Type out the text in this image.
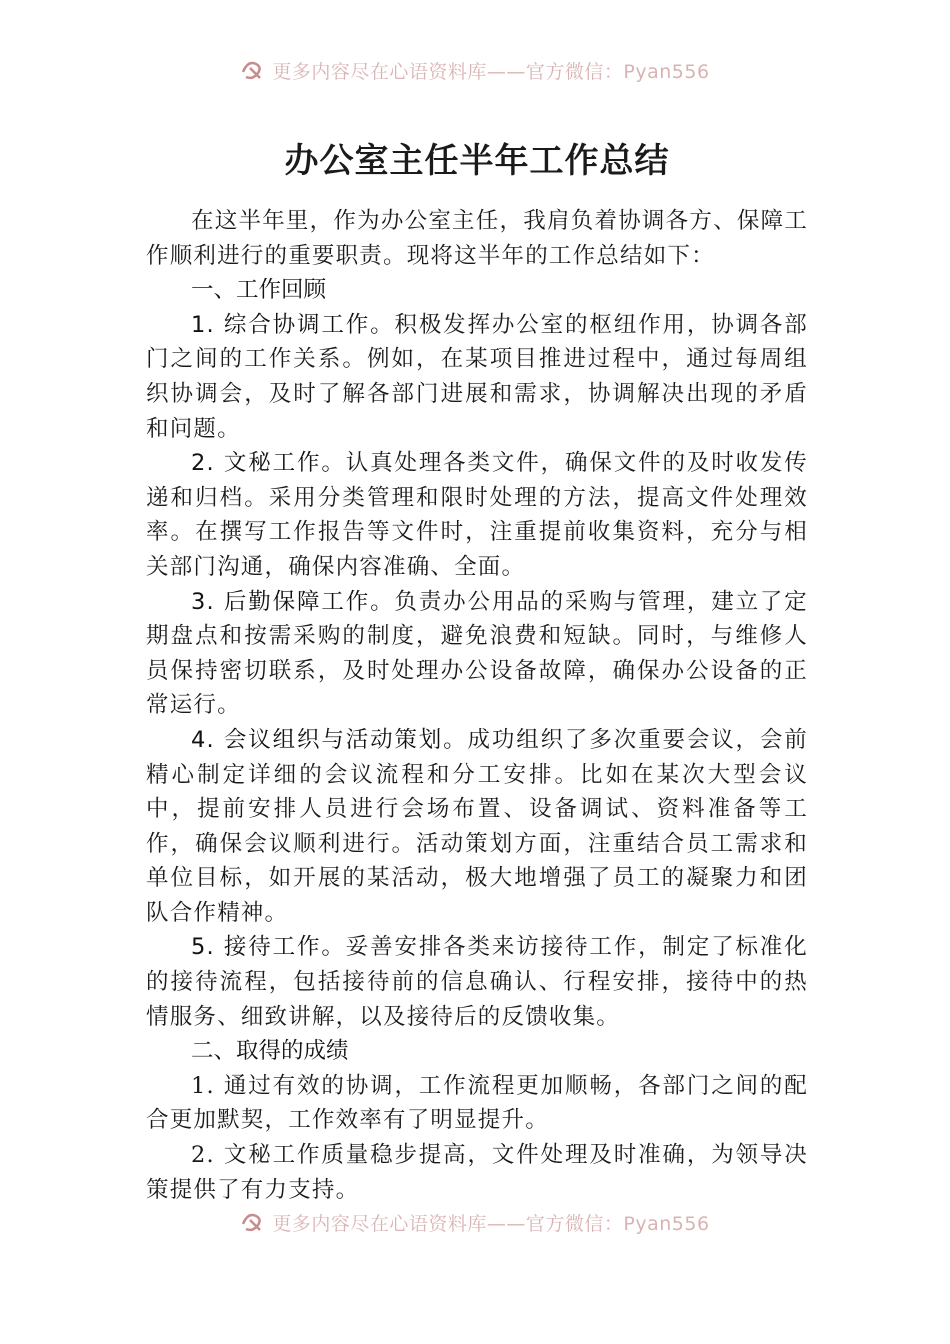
更多内容尽在心语资料库——官方微信：Pyan556
办公室主任半年工作总结

在这半年里，作为办公室主任，我肩负着协调各方、保障工作顺利进行的重要职责。现将这半年的工作总结如下：

一、工作回顾

1. 综合协调工作。积极发挥办公室的枢纽作用，协调各部门之间的工作关系。例如，在某项目推进过程中，通过每周组织协调会，及时了解各部门进展和需求，协调解决出现的矛盾和问题。

2. 文秘工作。认真处理各类文件，确保文件的及时收发传递和归档。采用分类管理和限时处理的方法，提高文件处理效率。在撰写工作报告等文件时，注重提前收集资料，充分与相关部门沟通，确保内容准确、全面。

3. 后勤保障工作。负责办公用品的采购与管理，建立了定期盘点和按需采购的制度，避免浪费和短缺。同时，与维修人员保持密切联系，及时处理办公设备故障，确保办公设备的正常运行。

4. 会议组织与活动策划。成功组织了多次重要会议，会前精心制定详细的会议流程和分工安排。比如在某次大型会议中，提前安排人员进行会场布置、设备调试、资料准备等工作，确保会议顺利进行。活动策划方面，注重结合员工需求和单位目标，如开展的某活动，极大地增强了员工的凝聚力和团队合作精神。

5. 接待工作。妥善安排各类来访接待工作，制定了标准化的接待流程，包括接待前的信息确认、行程安排，接待中的热情服务、细致讲解，以及接待后的反馈收集。

二、取得的成绩

1. 通过有效的协调，工作流程更加顺畅，各部门之间的配合更加默契，工作效率有了明显提升。

2. 文秘工作质量稳步提高，文件处理及时准确，为领导决策提供了有力支持。

更多内容尽在心语资料库——官方微信：Pyan556
